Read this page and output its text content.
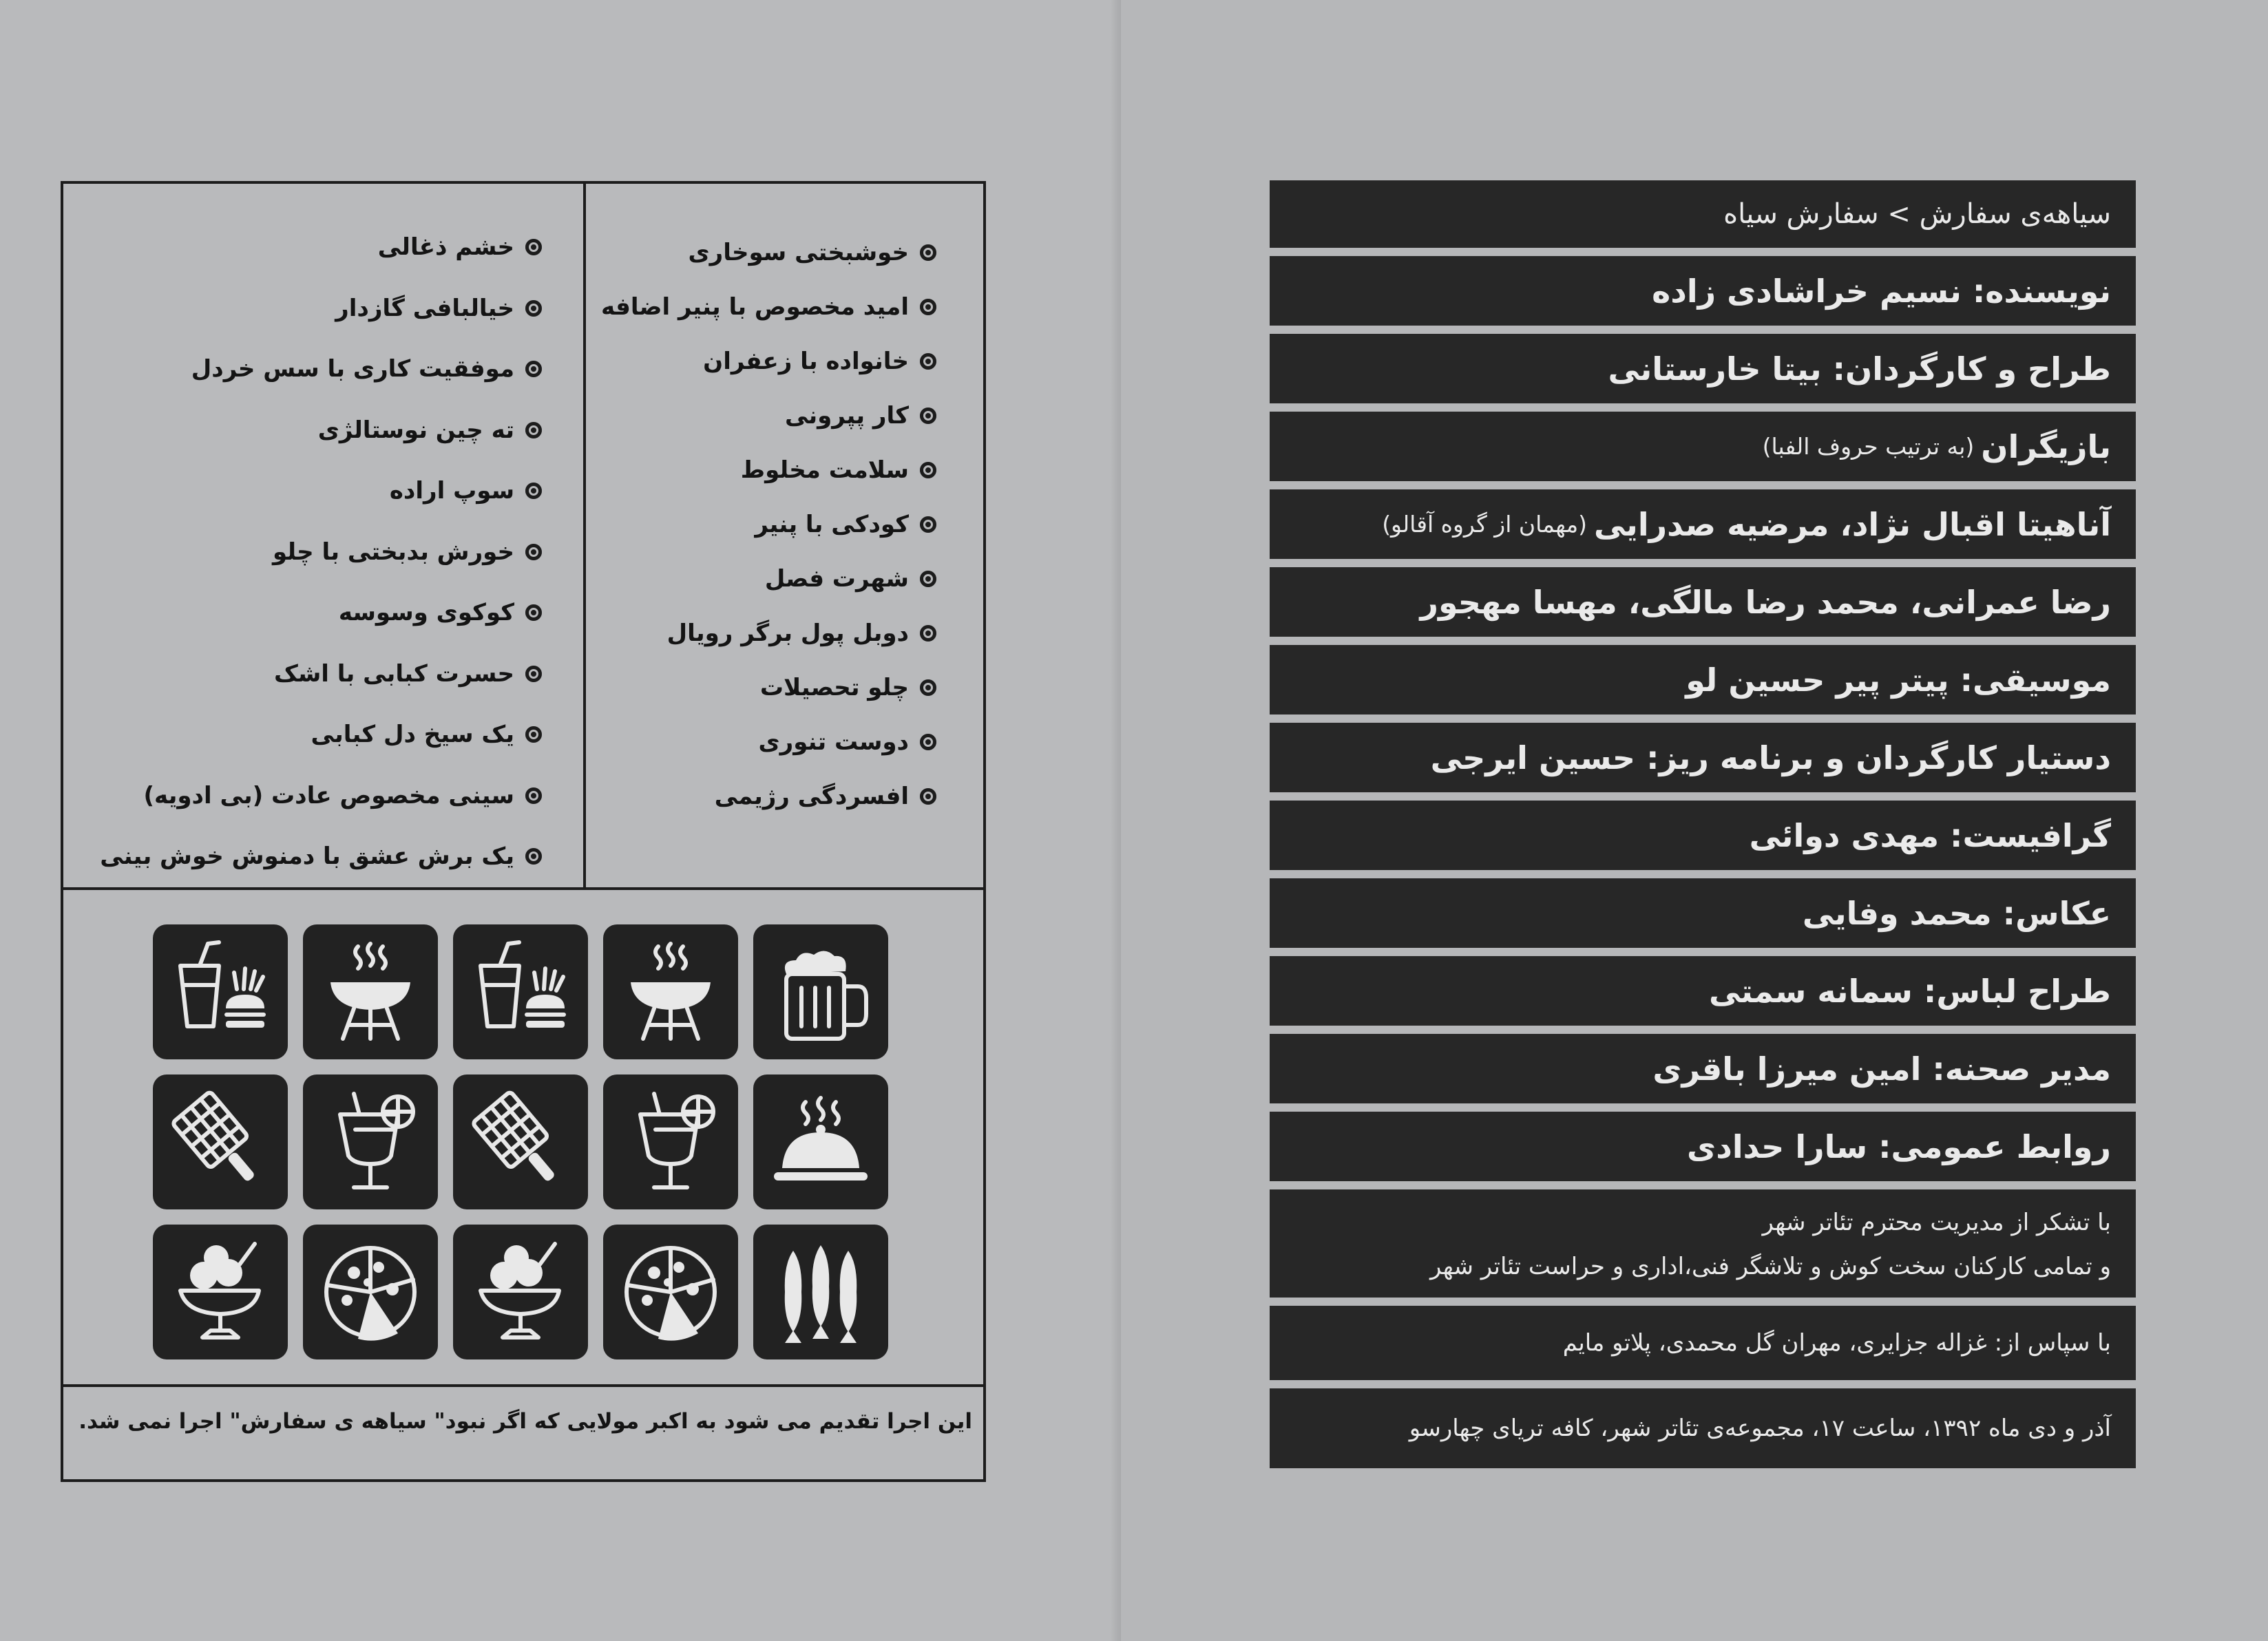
خوشبختی سوخاری
امید مخصوص با پنیر اضافه
خانواده با زعفران
کار پپرونی
سلامت مخلوط
کودکی با پنیر
شهرت فصل
دوبل پول برگر رویال
چلو تحصیلات
دوست تنوری
افسردگی رژیمی
خشم ذغالی
خیالبافی گازدار
موفقیت کاری با سس خردل
ته چین نوستالژی
سوپ اراده
خورش بدبختی با چلو
کوکوی وسوسه
حسرت کبابی با اشک
یک سیخ دل کبابی
سینی مخصوص عادت (بی ادویه)
یک برش عشق با دمنوش خوش بینی
این اجرا تقدیم می شود به اکبر مولایی که اگر نبود" سیاهه ی سفارش" اجرا نمی شد.
سیاهه‌ی سفارش > سفارش سیاه
نویسنده: نسیم خراشادی زاده
طراح و کارگردان: بیتا خارستانی
بازیگران
(به ترتیب حروف الفبا)
آناهیتا اقبال نژاد، مرضیه صدرایی
(مهمان از گروه آقالو)
رضا عمرانی، محمد رضا مالگی، مهسا مهجور
موسیقی: پیتر پیر حسین لو
دستیار کارگردان و برنامه ریز: حسین ایرجی
گرافیست: مهدی دوائی
عکاس: محمد وفایی
طراح لباس: سمانه سمتی
مدیر صحنه: امین میرزا باقری
روابط عمومی: سارا حدادی
با تشکر از مدیریت محترم تئاتر شهر
و تمامی کارکنان سخت کوش و تلاشگر فنی،اداری و حراست تئاتر شهر
با سپاس از: غزاله جزایری، مهران گل محمدی، پلاتو مایم
آذر و دی ماه ۱۳۹۲، ساعت ۱۷، مجموعه‌ی تئاتر شهر، کافه تریای چهارسو
